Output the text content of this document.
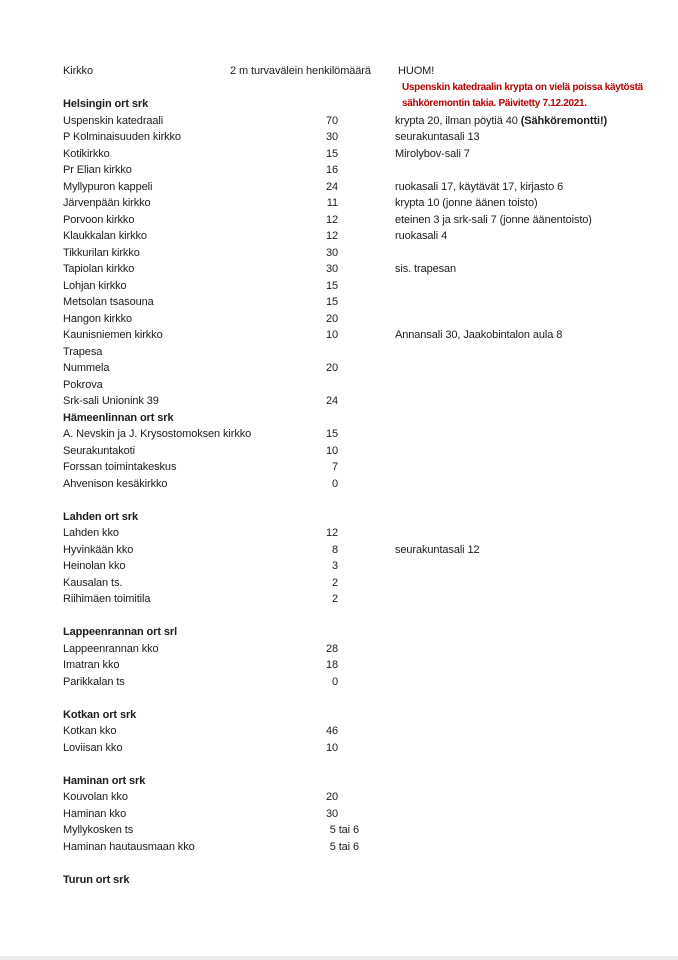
Uspenskin katedraalin krypta on vielä poissa käytöstä
sähköremontin takia. Päivitetty 7.12.2021.
Kirkko	2 m turvavälein henkilömäärä	HUOM!
Helsingin ort srk
Uspenskin katedraali	70	krypta 20, ilman pöytiä 40 (Sähköremontti!)
P Kolminaisuuden kirkko	30	seurakuntasali 13
Kotikirkko	15	Mirolybov-sali 7
Pr Elian kirkko	16
Myllypuron kappeli	24	ruokasali 17, käytävät 17, kirjasto 6
Järvenpään kirkko	11	krypta 10 (jonne äänen toisto)
Porvoon kirkko	12	eteinen 3 ja srk-sali 7 (jonne äänentoisto)
Klaukkalan kirkko	12	ruokasali 4
Tikkurilan kirkko	30
Tapiolan kirkko	30	sis. trapesan
Lohjan kirkko	15
Metsolan tsasouna	15
Hangon kirkko	20
Kaunisniemen kirkko	10	Annansali 30, Jaakobintalon aula 8
Trapesa
Nummela	20
Pokrova
Srk-sali Unionink 39	24
Hämeenlinnan ort srk
A. Nevskin ja J. Krysostomoksen kirkko	15
Seurakuntakoti	10
Forssan toimintakeskus	7
Ahvenison kesäkirkko	0
Lahden ort srk
Lahden kko	12
Hyvinkään kko	8	seurakuntasali 12
Heinolan kko	3
Kausalan ts.	2
Riihimäen toimitila	2
Lappeenrannan ort srl
Lappeenrannan kko	28
Imatran kko	18
Parikkalan ts	0
Kotkan ort srk
Kotkan kko	46
Loviisan kko	10
Haminan ort srk
Kouvolan kko	20
Haminan kko	30
Myllykosken ts	5 tai 6
Haminan hautausmaan kko	5 tai 6
Turun ort srk
